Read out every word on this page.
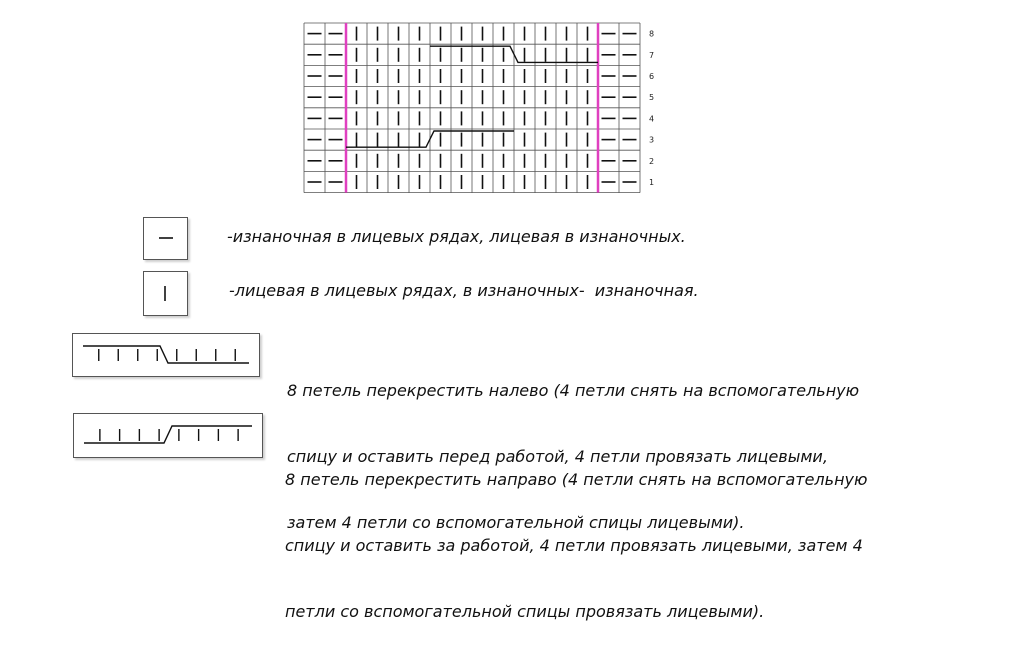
8
7
6
5
4
3
2
1

-изнаночная в лицевых рядах, лицевая в изнаночных.

-лицевая в лицевых рядах, в изнаночных-  изнаночная.

8 петель перекрестить налево (4 петли снять на вспомогательную

спицу и оставить перед работой, 4 петли провязать лицевыми,

затем 4 петли со вспомогательной спицы лицевыми).

8 петель перекрестить направо (4 петли снять на вспомогательную

спицу и оставить за работой, 4 петли провязать лицевыми, затем 4

петли со вспомогательной спицы провязать лицевыми).
